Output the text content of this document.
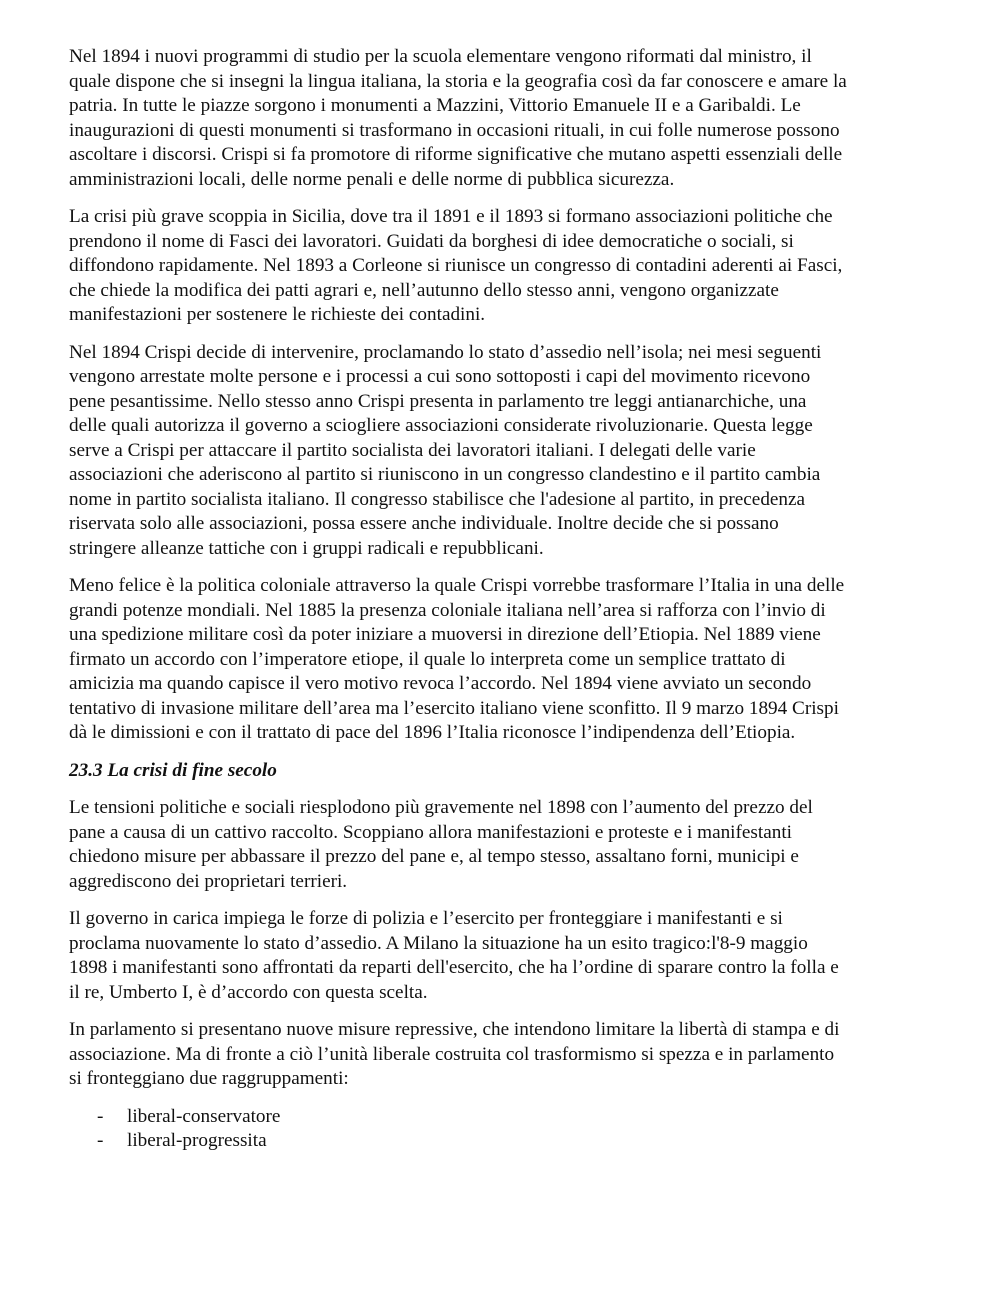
Nel 1894 i nuovi programmi di studio per la scuola elementare vengono riformati dal ministro, il
quale dispone che si insegni la lingua italiana, la storia e la geografia così da far conoscere e amare la
patria. In tutte le piazze sorgono i monumenti a Mazzini, Vittorio Emanuele II e a Garibaldi. Le
inaugurazioni di questi monumenti si trasformano in occasioni rituali, in cui folle numerose possono
ascoltare i discorsi. Crispi si fa promotore di riforme significative che mutano aspetti essenziali delle
amministrazioni locali, delle norme penali e delle norme di pubblica sicurezza.

La crisi più grave scoppia in Sicilia, dove tra il 1891 e il 1893 si formano associazioni politiche che
prendono il nome di Fasci dei lavoratori. Guidati da borghesi di idee democratiche o sociali, si
diffondono rapidamente. Nel 1893 a Corleone si riunisce un congresso di contadini aderenti ai Fasci,
che chiede la modifica dei patti agrari e, nell’autunno dello stesso anni, vengono organizzate
manifestazioni per sostenere le richieste dei contadini.

Nel 1894 Crispi decide di intervenire, proclamando lo stato d’assedio nell’isola; nei mesi seguenti
vengono arrestate molte persone e i processi a cui sono sottoposti i capi del movimento ricevono
pene pesantissime. Nello stesso anno Crispi presenta in parlamento tre leggi antianarchiche, una
delle quali autorizza il governo a sciogliere associazioni considerate rivoluzionarie. Questa legge
serve a Crispi per attaccare il partito socialista dei lavoratori italiani. I delegati delle varie
associazioni che aderiscono al partito si riuniscono in un congresso clandestino e il partito cambia
nome in partito socialista italiano. Il congresso stabilisce che l'adesione al partito, in precedenza
riservata solo alle associazioni, possa essere anche individuale. Inoltre decide che si possano
stringere alleanze tattiche con i gruppi radicali e repubblicani.

Meno felice è la politica coloniale attraverso la quale Crispi vorrebbe trasformare l’Italia in una delle
grandi potenze mondiali. Nel 1885 la presenza coloniale italiana nell’area si rafforza con l’invio di
una spedizione militare così da poter iniziare a muoversi in direzione dell’Etiopia. Nel 1889 viene
firmato un accordo con l’imperatore etiope, il quale lo interpreta come un semplice trattato di
amicizia ma quando capisce il vero motivo revoca l’accordo. Nel 1894 viene avviato un secondo
tentativo di invasione militare dell’area ma l’esercito italiano viene sconfitto. Il 9 marzo 1894 Crispi
dà le dimissioni e con il trattato di pace del 1896 l’Italia riconosce l’indipendenza dell’Etiopia.

23.3 La crisi di fine secolo

Le tensioni politiche e sociali riesplodono più gravemente nel 1898 con l’aumento del prezzo del
pane a causa di un cattivo raccolto. Scoppiano allora manifestazioni e proteste e i manifestanti
chiedono misure per abbassare il prezzo del pane e, al tempo stesso, assaltano forni, municipi e
aggrediscono dei proprietari terrieri.

Il governo in carica impiega le forze di polizia e l’esercito per fronteggiare i manifestanti e si
proclama nuovamente lo stato d’assedio. A Milano la situazione ha un esito tragico:l'8-9 maggio
1898 i manifestanti sono affrontati da reparti dell'esercito, che ha l’ordine di sparare contro la folla e
il re, Umberto I, è d’accordo con questa scelta.

In parlamento si presentano nuove misure repressive, che intendono limitare la libertà di stampa e di
associazione. Ma di fronte a ciò l’unità liberale costruita col trasformismo si spezza e in parlamento
si fronteggiano due raggruppamenti:

- liberal-conservatore
- liberal-progressita
